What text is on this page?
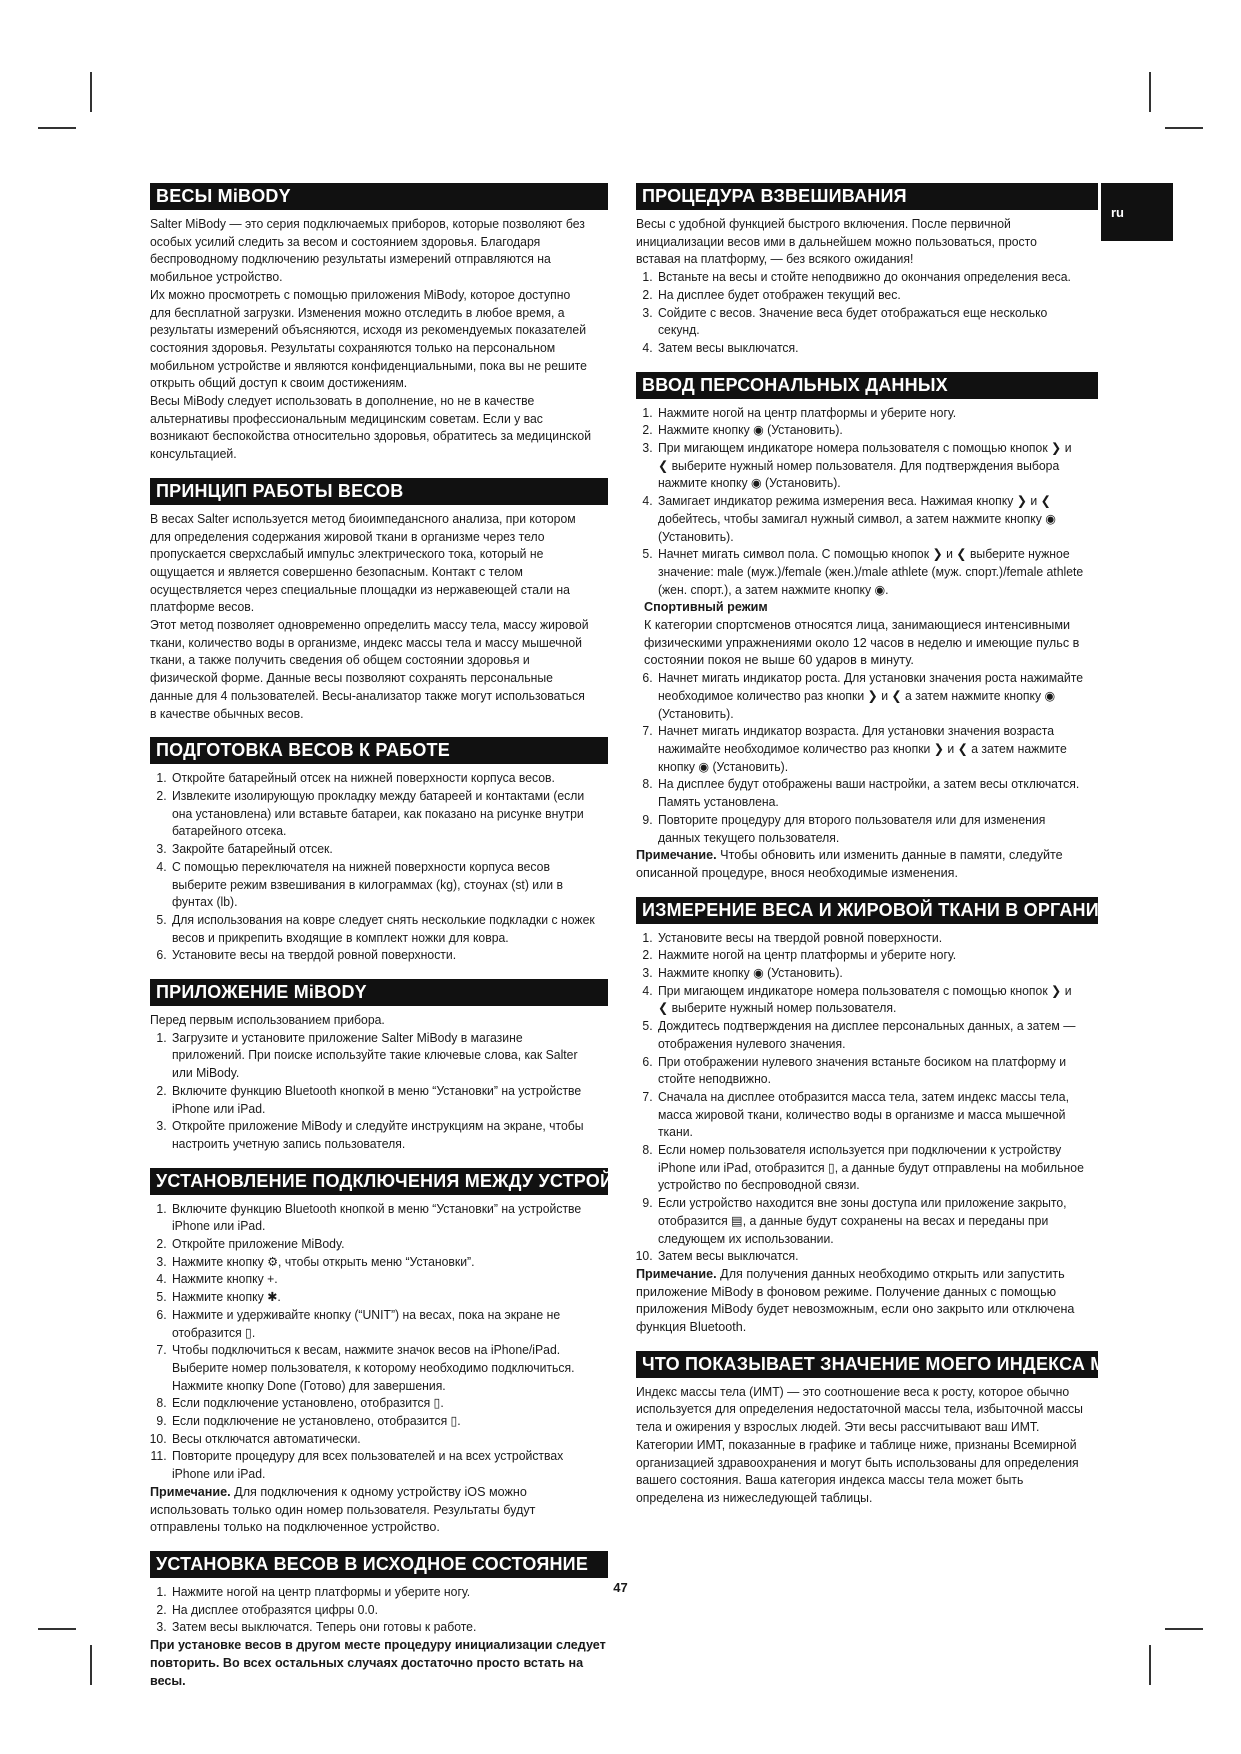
ru
ВЕСЫ MiBODY

Salter MiBody — это серия подключаемых приборов, которые позволяют без особых усилий следить за весом и состоянием здоровья. Благодаря беспроводному подключению результаты измерений отправляются на мобильное устройство.

Их можно просмотреть с помощью приложения MiBody, которое доступно для бесплатной загрузки. Изменения можно отследить в любое время, а результаты измерений объясняются, исходя из рекомендуемых показателей состояния здоровья. Результаты сохраняются только на персональном мобильном устройстве и являются конфиденциальными, пока вы не решите открыть общий доступ к своим достижениям.

Весы MiBody следует использовать в дополнение, но не в качестве альтернативы профессиональным медицинским советам. Если у вас возникают беспокойства относительно здоровья, обратитесь за медицинской консультацией.

ПРИНЦИП РАБОТЫ ВЕСОВ

В весах Salter используется метод биоимпедансного анализа, при котором для определения содержания жировой ткани в организме через тело пропускается сверхслабый импульс электрического тока, который не ощущается и является совершенно безопасным. Контакт с телом осуществляется через специальные площадки из нержавеющей стали на платформе весов.

Этот метод позволяет одновременно определить массу тела, массу жировой ткани, количество воды в организме, индекс массы тела и массу мышечной ткани, а также получить сведения об общем состоянии здоровья и физической форме. Данные весы позволяют сохранять персональные данные для 4 пользователей. Весы-анализатор также могут использоваться в качестве обычных весов.

ПОДГОТОВКА ВЕСОВ К РАБОТЕ
1. Откройте батарейный отсек на нижней поверхности корпуса весов.
2. Извлеките изолирующую прокладку между батареей и контактами (если она установлена) или вставьте батареи, как показано на рисунке внутри батарейного отсека.
3. Закройте батарейный отсек.
4. С помощью переключателя на нижней поверхности корпуса весов выберите режим взвешивания в килограммах (kg), стоунах (st) или в фунтах (lb).
5. Для использования на ковре следует снять несколькие подкладки с ножек весов и прикрепить входящие в комплект ножки для ковра.
6. Установите весы на твердой ровной поверхности.
ПРИЛОЖЕНИЕ MiBODY

Перед первым использованием прибора.

1. Загрузите и установите приложение Salter MiBody в магазине приложений. При поиске используйте такие ключевые слова, как Salter или MiBody.
2. Включите функцию Bluetooth кнопкой в меню “Установки” на устройстве iPhone или iPad.
3. Откройте приложение MiBody и следуйте инструкциям на экране, чтобы настроить учетную запись пользователя.
УСТАНОВЛЕНИЕ ПОДКЛЮЧЕНИЯ МЕЖДУ УСТРОЙСТВАМИ
1. Включите функцию Bluetooth кнопкой в меню “Установки” на устройстве iPhone или iPad.
2. Откройте приложение MiBody.
3. Нажмите кнопку ⚙, чтобы открыть меню “Установки”.
4. Нажмите кнопку +.
5. Нажмите кнопку ✱.
6. Нажмите и удерживайте кнопку (“UNIT”) на весах, пока на экране не отобразится ▯.
7. Чтобы подключиться к весам, нажмите значок весов на iPhone/iPad. Выберите номер пользователя, к которому необходимо подключиться. Нажмите кнопку Done (Готово) для завершения.
8. Если подключение установлено, отобразится ▯.
9. Если подключение не установлено, отобразится ▯.
10. Весы отключатся автоматически.
11. Повторите процедуру для всех пользователей и на всех устройствах iPhone или iPad.

Примечание. Для подключения к одному устройству iOS можно использовать только один номер пользователя. Результаты будут отправлены только на подключенное устройство.

УСТАНОВКА ВЕСОВ В ИСХОДНОЕ СОСТОЯНИЕ
1. Нажмите ногой на центр платформы и уберите ногу.
2. На дисплее отобразятся цифры 0.0.
3. Затем весы выключатся. Теперь они готовы к работе.

При установке весов в другом месте процедуру инициализации следует повторить. Во всех остальных случаях достаточно просто встать на весы.

ПРОЦЕДУРА ВЗВЕШИВАНИЯ

Весы с удобной функцией быстрого включения. После первичной инициализации весов ими в дальнейшем можно пользоваться, просто вставая на платформу, — без всякого ожидания!

1. Встаньте на весы и стойте неподвижно до окончания определения веса.
2. На дисплее будет отображен текущий вес.
3. Сойдите с весов. Значение веса будет отображаться еще несколько секунд.
4. Затем весы выключатся.
ВВОД ПЕРСОНАЛЬНЫХ ДАННЫХ
1. Нажмите ногой на центр платформы и уберите ногу.
2. Нажмите кнопку ◉ (Установить).
3. При мигающем индикаторе номера пользователя с помощью кнопок ❯ и ❮ выберите нужный номер пользователя. Для подтверждения выбора нажмите кнопку ◉ (Установить).
4. Замигает индикатор режима измерения веса. Нажимая кнопку ❯ и ❮ добейтесь, чтобы замигал нужный символ, а затем нажмите кнопку ◉ (Установить).
5. Начнет мигать символ пола. С помощью кнопок ❯ и ❮ выберите нужное значение: male (муж.)/female (жен.)/male athlete (муж. спорт.)/female athlete (жен. спорт.), а затем нажмите кнопку ◉.

Спортивный режим

К категории спортсменов относятся лица, занимающиеся интенсивными физическими упражнениями около 12 часов в неделю и имеющие пульс в состоянии покоя не выше 60 ударов в минуту.

6. Начнет мигать индикатор роста. Для установки значения роста нажимайте необходимое количество раз кнопки ❯ и ❮ а затем нажмите кнопку ◉ (Установить).
7. Начнет мигать индикатор возраста. Для установки значения возраста нажимайте необходимое количество раз кнопки ❯ и ❮ а затем нажмите кнопку ◉ (Установить).
8. На дисплее будут отображены ваши настройки, а затем весы отключатся. Память установлена.
9. Повторите процедуру для второго пользователя или для изменения данных текущего пользователя.

Примечание. Чтобы обновить или изменить данные в памяти, следуйте описанной процедуре, внося необходимые изменения.

ИЗМЕРЕНИЕ ВЕСА И ЖИРОВОЙ ТКАНИ В ОРГАНИЗМЕ
1. Установите весы на твердой ровной поверхности.
2. Нажмите ногой на центр платформы и уберите ногу.
3. Нажмите кнопку ◉ (Установить).
4. При мигающем индикаторе номера пользователя с помощью кнопок ❯ и ❮ выберите нужный номер пользователя.
5. Дождитесь подтверждения на дисплее персональных данных, а затем — отображения нулевого значения.
6. При отображении нулевого значения встаньте босиком на платформу и стойте неподвижно.
7. Сначала на дисплее отобразится масса тела, затем индекс массы тела, масса жировой ткани, количество воды в организме и масса мышечной ткани.
8. Если номер пользователя используется при подключении к устройству iPhone или iPad, отобразится ▯, а данные будут отправлены на мобильное устройство по беспроводной связи.
9. Если устройство находится вне зоны доступа или приложение закрыто, отобразится ▤, а данные будут сохранены на весах и переданы при следующем их использовании.
10. Затем весы выключатся.

Примечание. Для получения данных необходимо открыть или запустить приложение MiBody в фоновом режиме. Получение данных с помощью приложения MiBody будет невозможным, если оно закрыто или отключена функция Bluetooth.

ЧТО ПОКАЗЫВАЕТ ЗНАЧЕНИЕ МОЕГО ИНДЕКСА МАССЫ ТЕЛА?

Индекс массы тела (ИМТ) — это соотношение веса к росту, которое обычно используется для определения недостаточной массы тела, избыточной массы тела и ожирения у взрослых людей. Эти весы рассчитывают ваш ИМТ. Категории ИМТ, показанные в графике и таблице ниже, признаны Всемирной организацией здравоохранения и могут быть использованы для определения вашего состояния. Ваша категория индекса массы тела может быть определена из нижеследующей таблицы.

47
